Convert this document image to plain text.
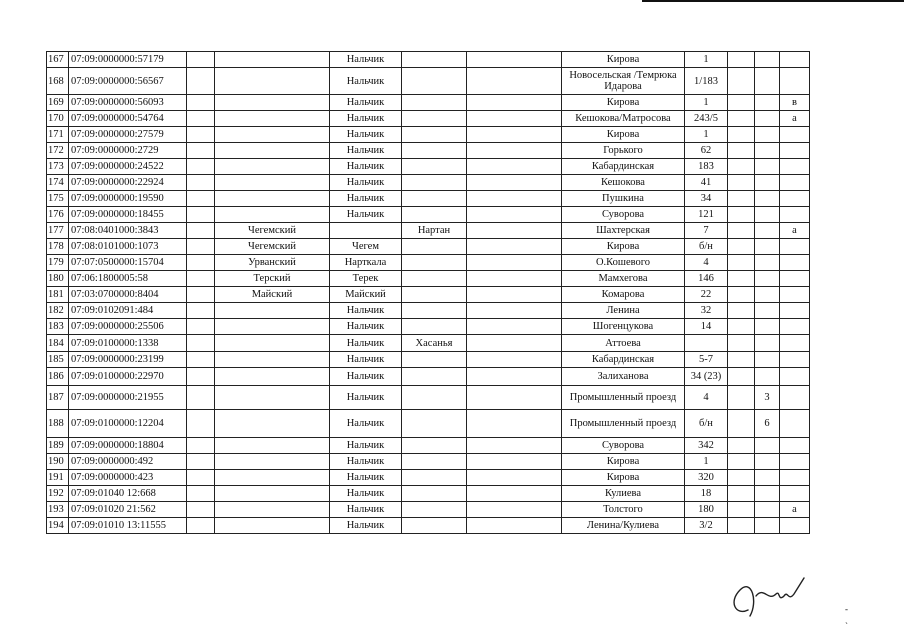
167	07:09:0000000:57179			Нальчик			Кирова	1			
168	07:09:0000000:56567			Нальчик			Новосельская /Темрюка Идарова	1/183			
169	07:09:0000000:56093			Нальчик			Кирова	1			в
170	07:09:0000000:54764			Нальчик			Кешокова/Матросова	243/5			а
171	07:09:0000000:27579			Нальчик			Кирова	1			
172	07:09:0000000:2729			Нальчик			Горького	62			
173	07:09:0000000:24522			Нальчик			Кабардинская	183			
174	07:09:0000000:22924			Нальчик			Кешокова	41			
175	07:09:0000000:19590			Нальчик			Пушкина	34			
176	07:09:0000000:18455			Нальчик			Суворова	121			
177	07:08:0401000:3843		Чегемский		Нартан		Шахтерская	7			а
178	07:08:0101000:1073		Чегемский	Чегем			Кирова	б/н			
179	07:07:0500000:15704		Урванский	Нарткала			О.Кошевого	4			
180	07:06:1800005:58		Терский	Терек			Мамхегова	146			
181	07:03:0700000:8404		Майский	Майский			Комарова	22			
182	07:09:0102091:484			Нальчик			Ленина	32			
183	07:09:0000000:25506			Нальчик			Шогенцукова	14			
184	07:09:0100000:1338			Нальчик	Хасанья		Аттоева				
185	07:09:0000000:23199			Нальчик			Кабардинская	5-7			
186	07:09:0100000:22970			Нальчик			Залиханова	34 (23)			
187	07:09:0000000:21955			Нальчик			Промышленный проезд	4		3	
188	07:09:0100000:12204			Нальчик			Промышленный проезд	б/н		6	
189	07:09:0000000:18804			Нальчик			Суворова	342			
190	07:09:0000000:492			Нальчик			Кирова	1			
191	07:09:0000000:423			Нальчик			Кирова	320			
192	07:09:01040 12:668			Нальчик			Кулиева	18			
193	07:09:01020 21:562			Нальчик			Толстого	180			а
194	07:09:01010 13:11555			Нальчик			Ленина/Кулиева	3/2			
‐ ˏ
